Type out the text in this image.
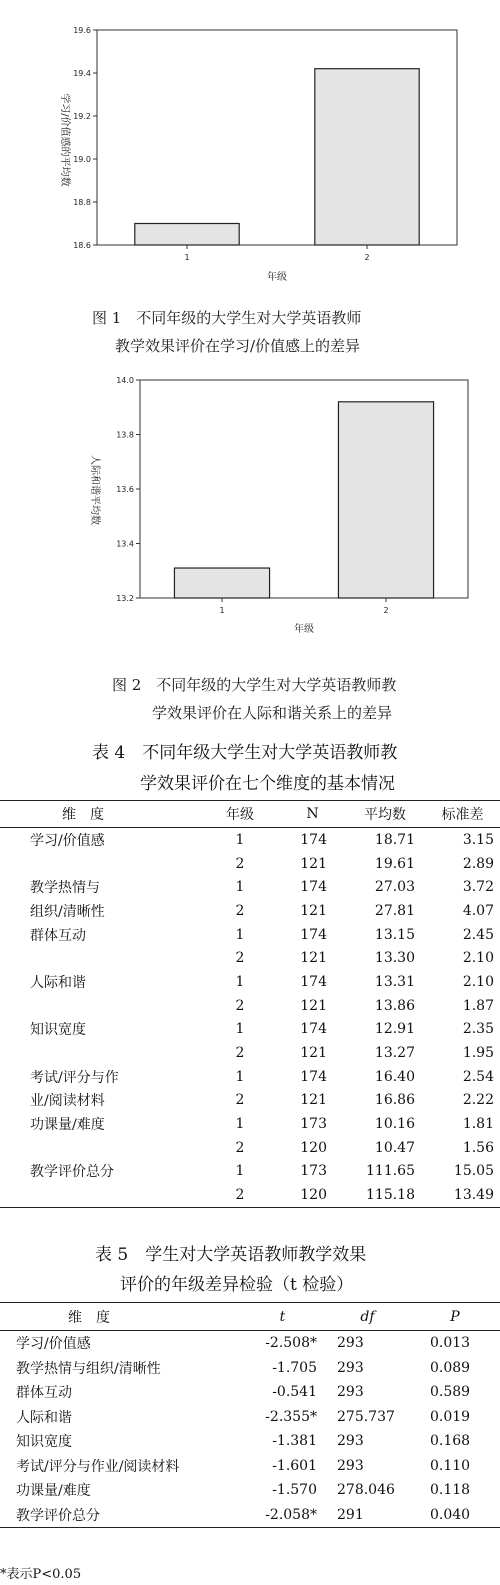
19.6
19.4
19.2
19.0
18.8
18.6
1	2
年级
学习/价值感的平均数
图 1　不同年级的大学生对大学英语教师
教学效果评价在学习/价值感上的差异
14.0
13.8
13.6
13.4
13.2
1	2
年级
人际和谐平均数
图 2　不同年级的大学生对大学英语教师教
学效果评价在人际和谐关系上的差异
表 4　不同年级大学生对大学英语教师教
学效果评价在七个维度的基本情况
维　度	年级	N	平均数	标准差
学习/价值感	1	174	18.71	3.15
	2	121	19.61	2.89
教学热情与	1	174	27.03	3.72
组织/清晰性	2	121	27.81	4.07
群体互动	1	174	13.15	2.45
	2	121	13.30	2.10
人际和谐	1	174	13.31	2.10
	2	121	13.86	1.87
知识宽度	1	174	12.91	2.35
	2	121	13.27	1.95
考试/评分与作	1	174	16.40	2.54
业/阅读材料	2	121	16.86	2.22
功课量/难度	1	173	10.16	1.81
	2	120	10.47	1.56
教学评价总分	1	173	111.65	15.05
	2	120	115.18	13.49
表 5　学生对大学英语教师教学效果
评价的年级差异检验（t 检验）
维　度	t	df	P
学习/价值感	-2.508*	293	0.013
教学热情与组织/清晰性	-1.705	293	0.089
群体互动	-0.541	293	0.589
人际和谐	-2.355*	275.737	0.019
知识宽度	-1.381	293	0.168
考试/评分与作业/阅读材料	-1.601	293	0.110
功课量/难度	-1.570	278.046	0.118
教学评价总分	-2.058*	291	0.040
*表示P<0.05
